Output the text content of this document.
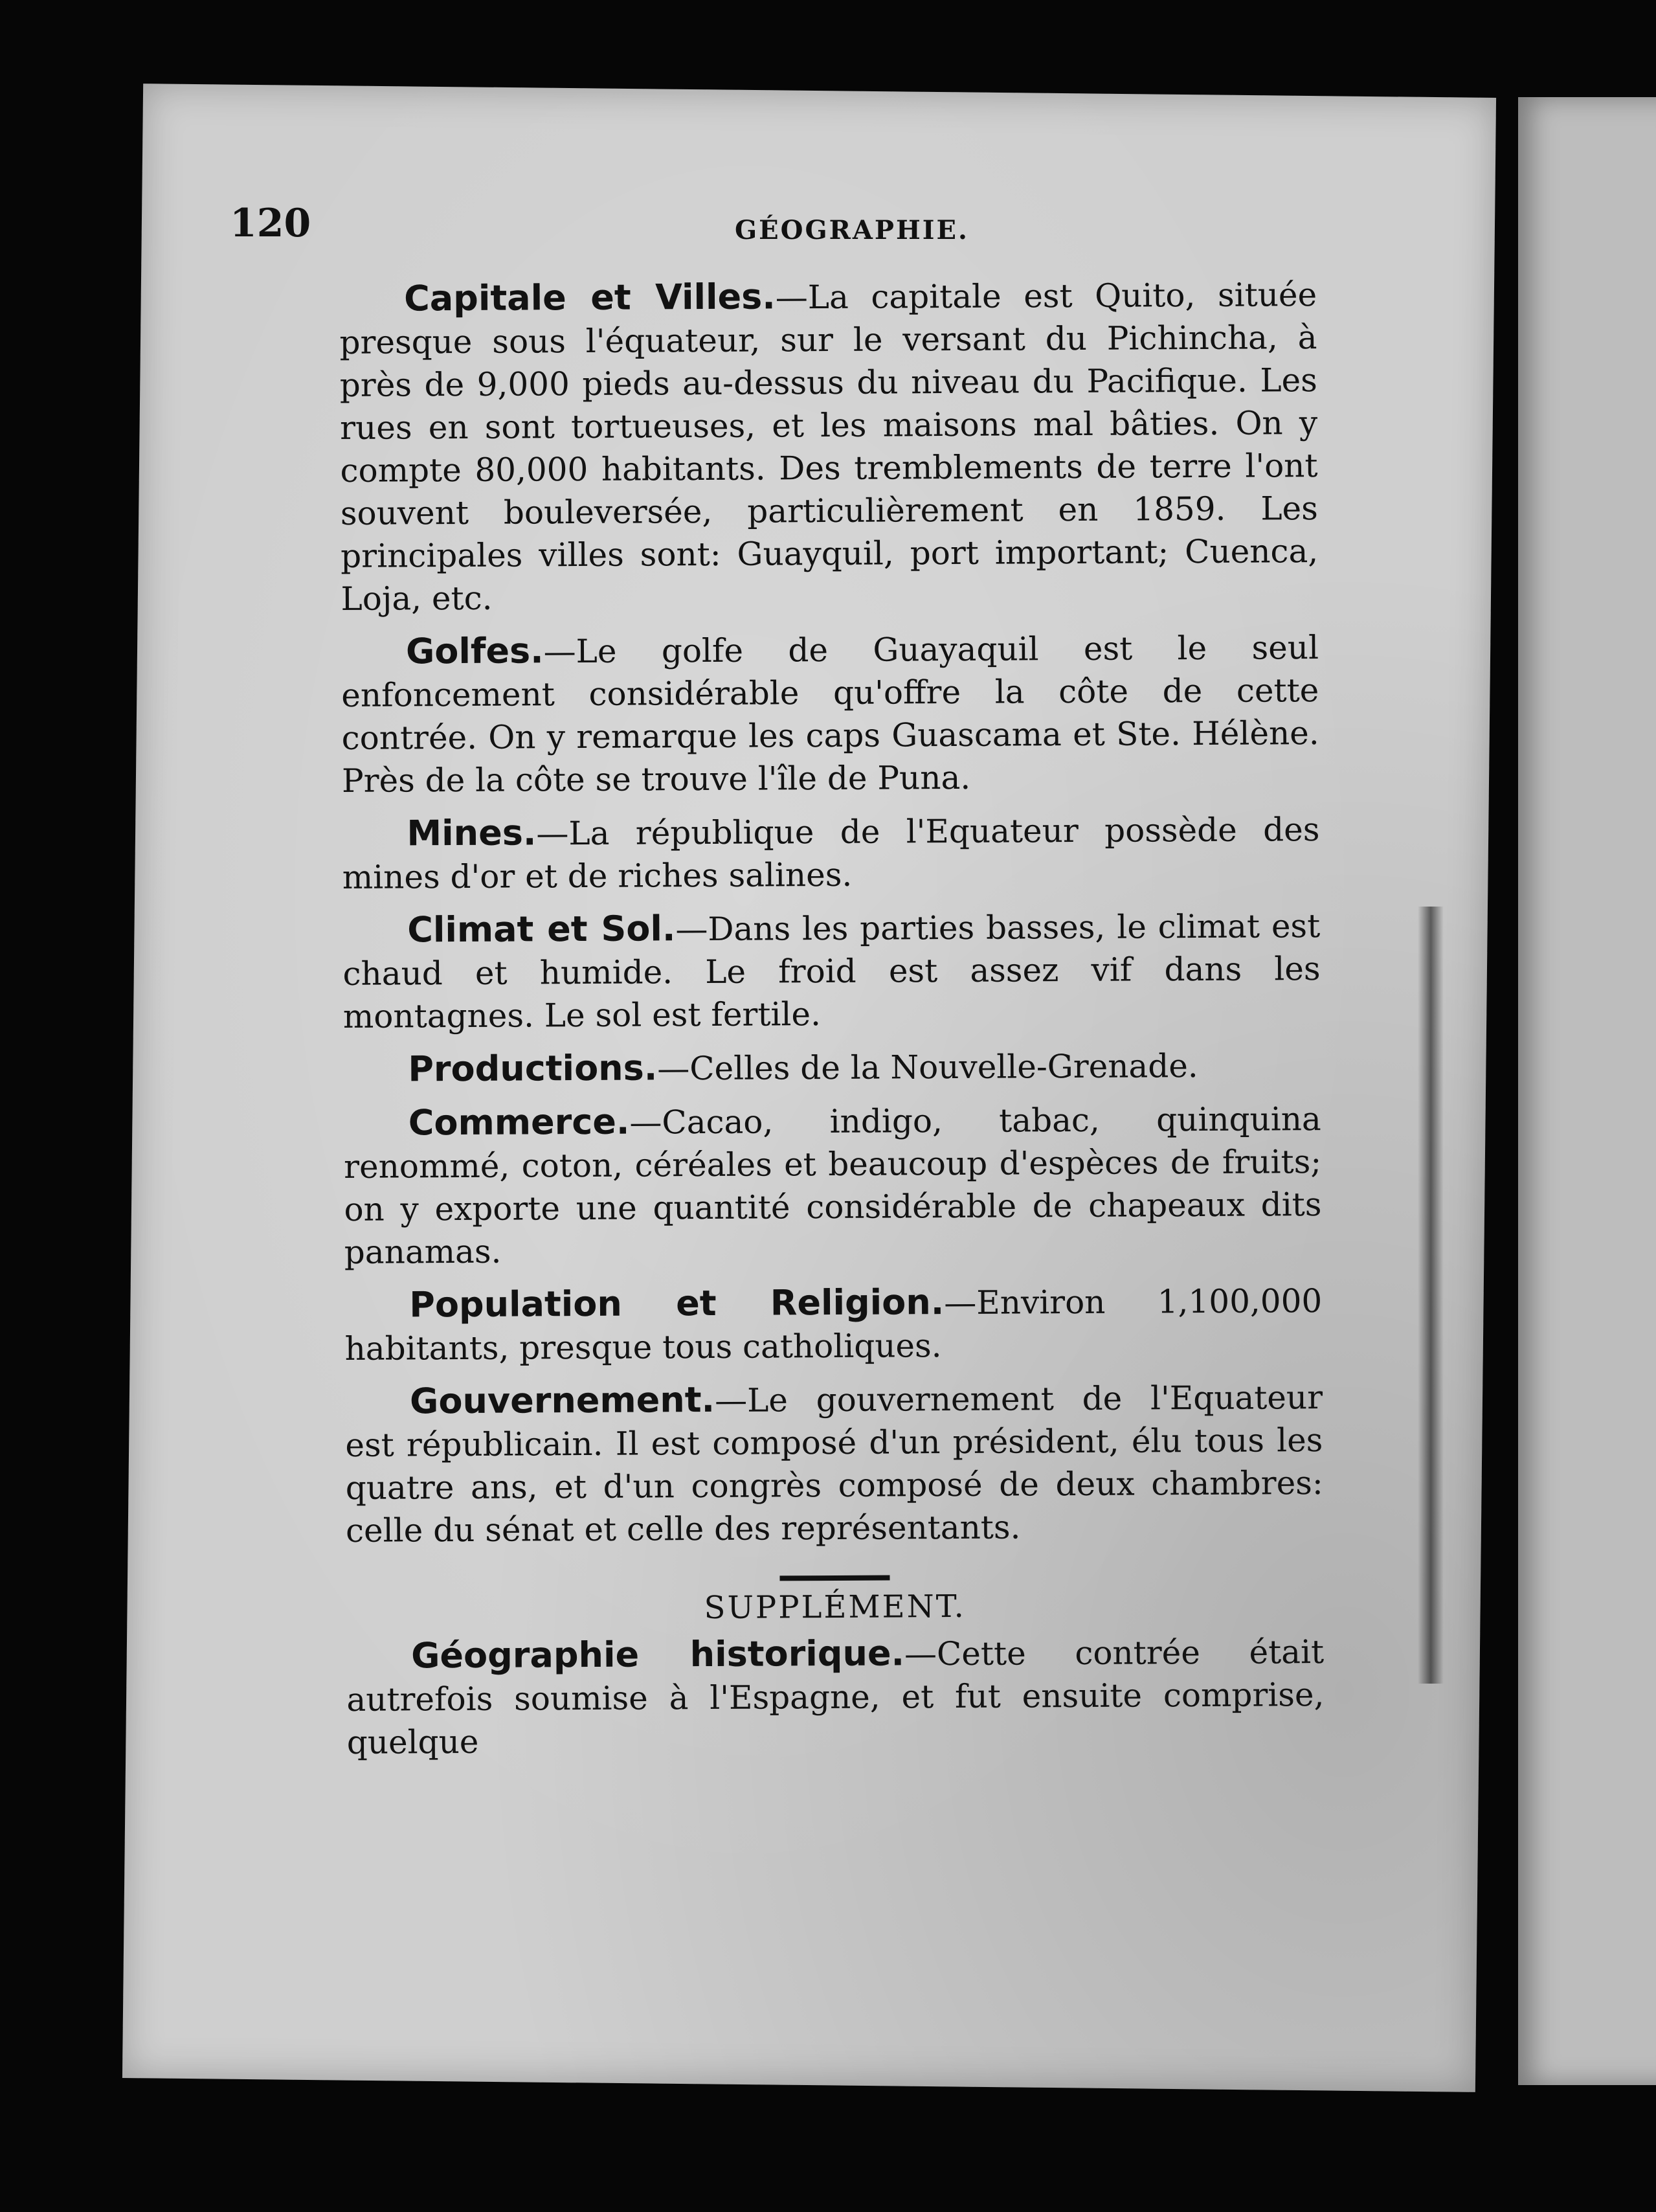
120	GÉOGRAPHIE.

Capitale et Villes.—La capitale est Quito, située presque sous l'équateur, sur le versant du Pichincha, à près de 9,000 pieds au-dessus du niveau du Pacifique. Les rues en sont tortueuses, et les maisons mal bâties. On y compte 80,000 habitants. Des tremblements de terre l'ont souvent bouleversée, particulièrement en 1859. Les principales villes sont: Guayquil, port important; Cuenca, Loja, etc.

Golfes.—Le golfe de Guayaquil est le seul enfoncement considérable qu'offre la côte de cette contrée. On y remarque les caps Guascama et Ste. Hélène. Près de la côte se trouve l'île de Puna.

Mines.—La république de l'Equateur possède des mines d'or et de riches salines.

Climat et Sol.—Dans les parties basses, le climat est chaud et humide. Le froid est assez vif dans les montagnes. Le sol est fertile.

Productions.—Celles de la Nouvelle-Grenade.

Commerce.—Cacao, indigo, tabac, quinquina renommé, coton, céréales et beaucoup d'espèces de fruits; on y exporte une quantité considérable de chapeaux dits panamas.

Population et Religion.—Environ 1,100,000 habitants, presque tous catholiques.

Gouvernement.—Le gouvernement de l'Equateur est républicain. Il est composé d'un président, élu tous les quatre ans, et d'un congrès composé de deux chambres: celle du sénat et celle des représentants.

SUPPLÉMENT.

Géographie historique.—Cette contrée était autrefois soumise à l'Espagne, et fut ensuite comprise, quelque
